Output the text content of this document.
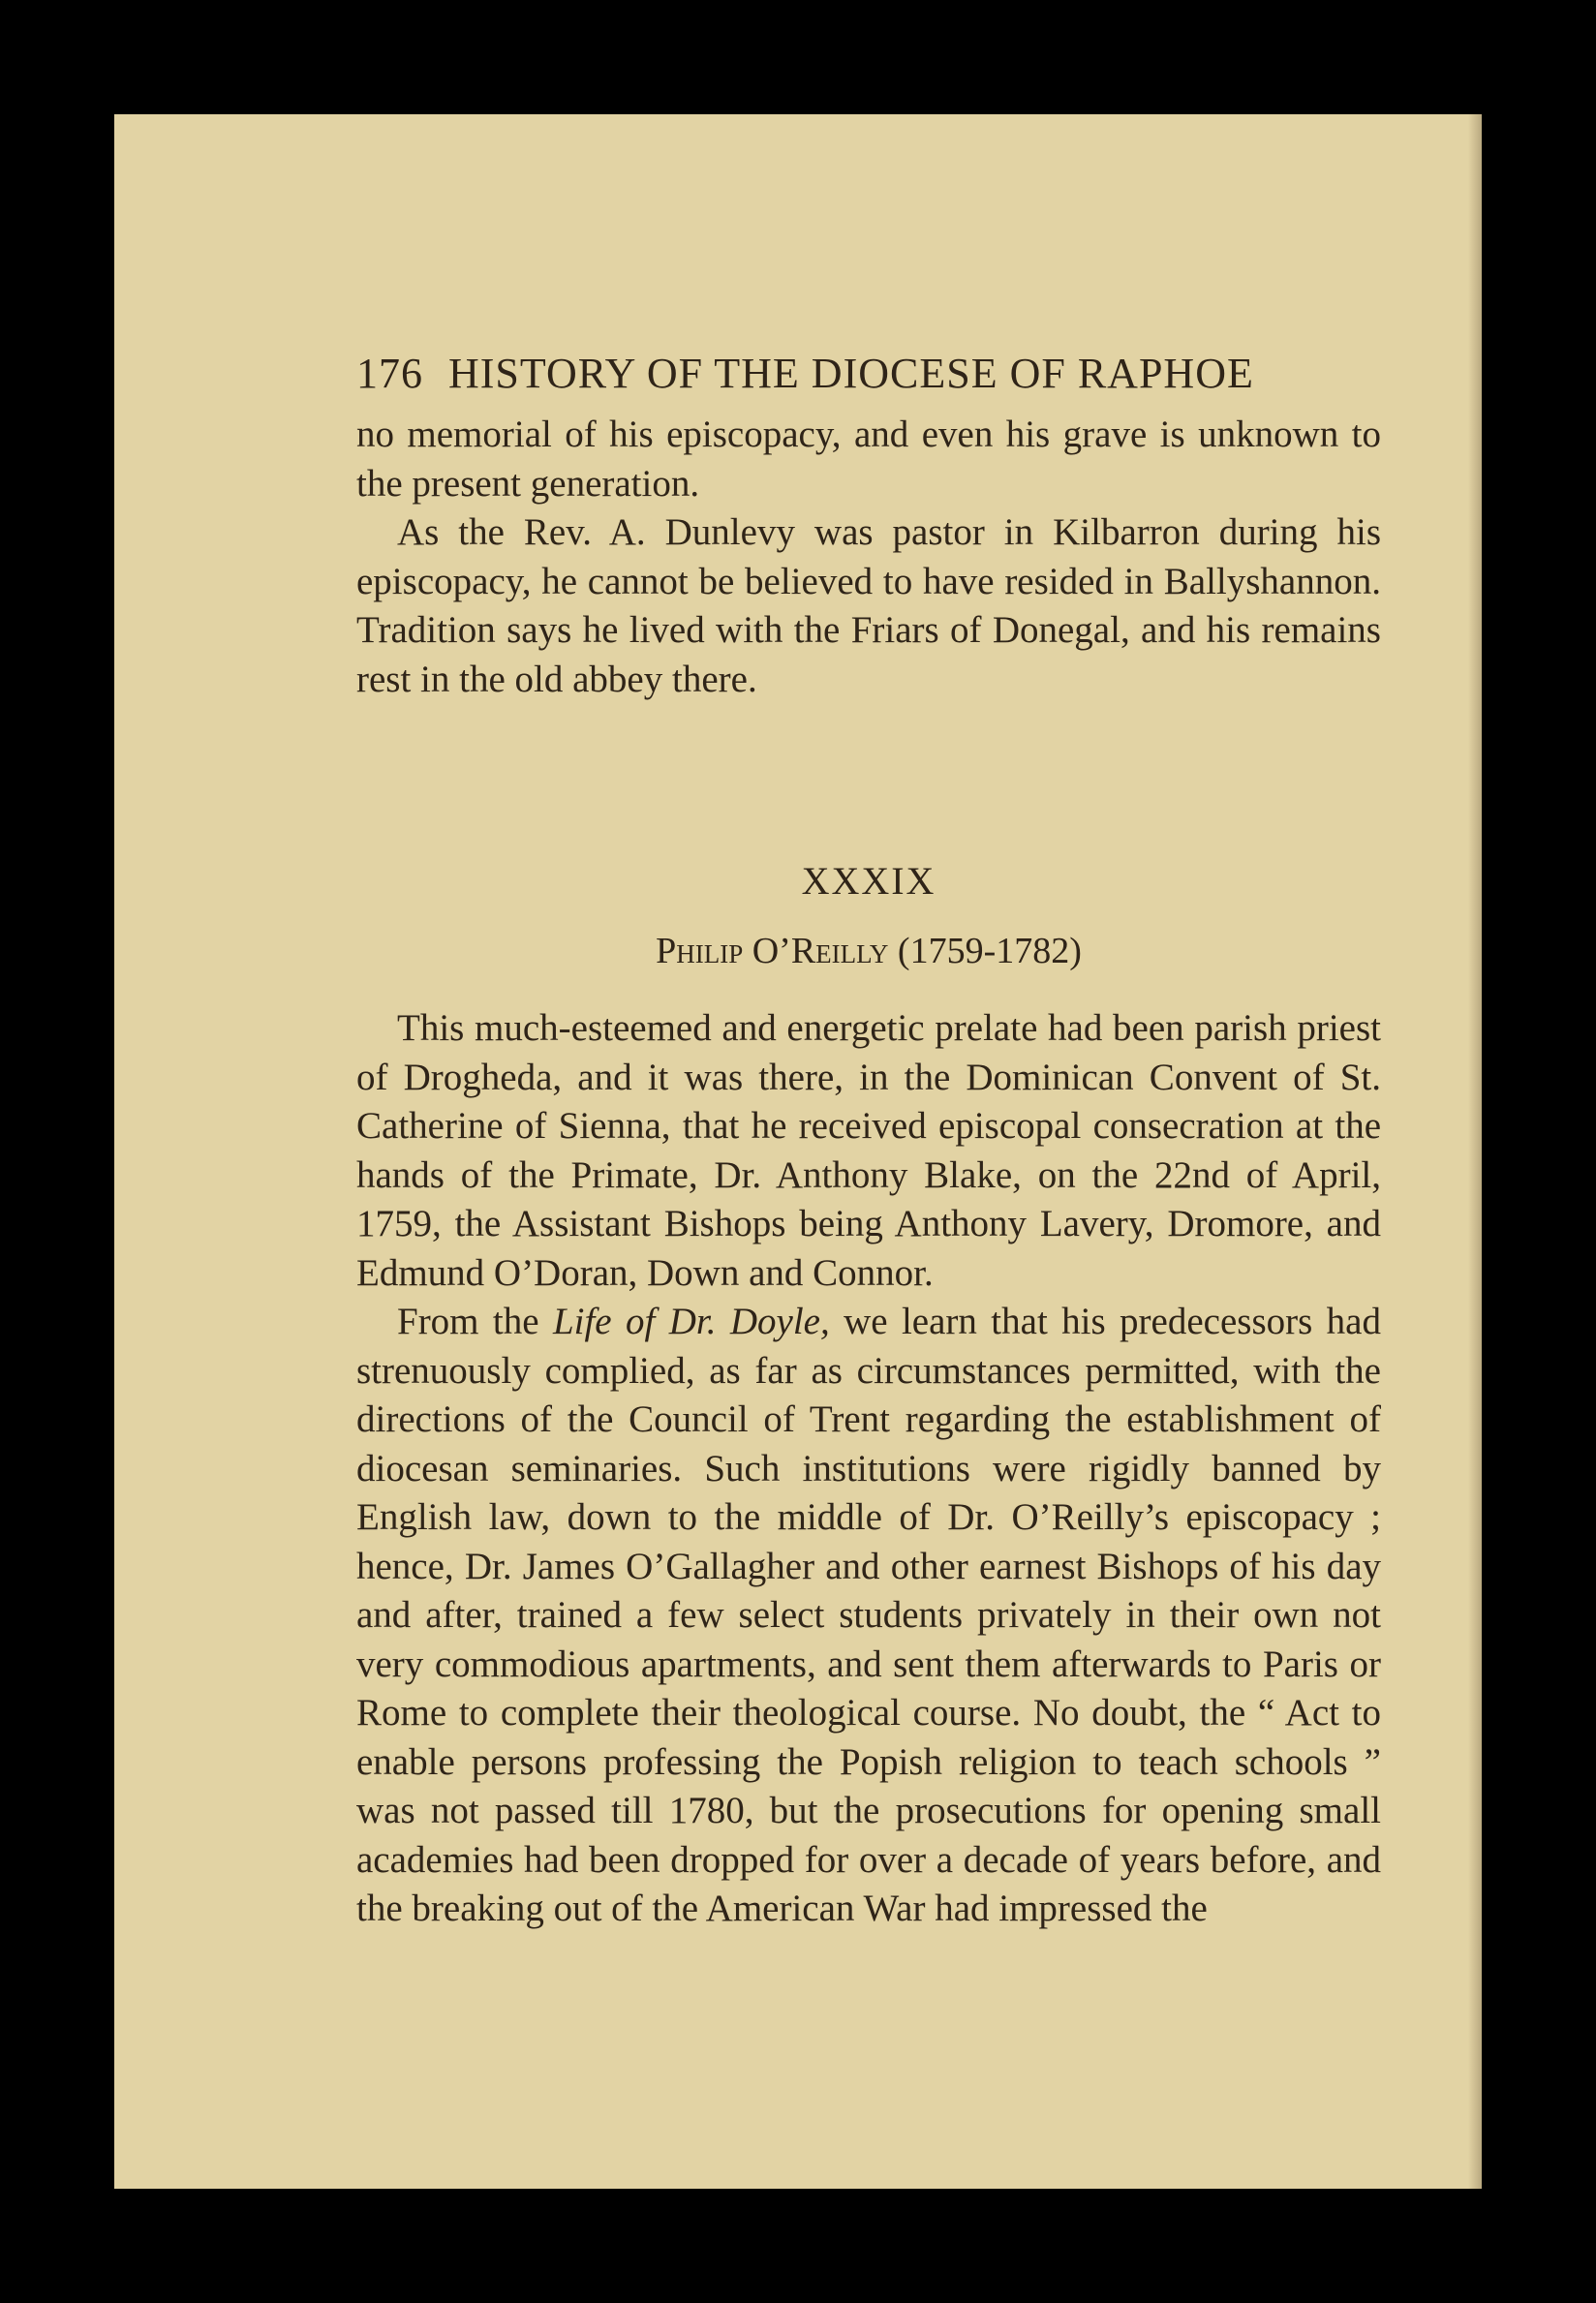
176 HISTORY OF THE DIOCESE OF RAPHOE

no memorial of his episcopacy, and even his grave is unknown to the present generation.

As the Rev. A. Dunlevy was pastor in Kilbarron during his episcopacy, he cannot be believed to have resided in Ballyshannon. Tradition says he lived with the Friars of Donegal, and his remains rest in the old abbey there.

XXXIX
Philip O’Reilly (1759-1782)

This much-esteemed and energetic prelate had been parish priest of Drogheda, and it was there, in the Dominican Convent of St. Catherine of Sienna, that he received episcopal consecration at the hands of the Primate, Dr. Anthony Blake, on the 22nd of April, 1759, the Assistant Bishops being Anthony Lavery, Dromore, and Edmund O’Doran, Down and Connor.

From the Life of Dr. Doyle, we learn that his predecessors had strenuously complied, as far as circumstances permitted, with the directions of the Council of Trent regarding the establishment of diocesan seminaries. Such institutions were rigidly banned by English law, down to the middle of Dr. O’Reilly’s episcopacy ; hence, Dr. James O’Gallagher and other earnest Bishops of his day and after, trained a few select students privately in their own not very commodious apartments, and sent them afterwards to Paris or Rome to complete their theological course. No doubt, the “ Act to enable persons professing the Popish religion to teach schools ” was not passed till 1780, but the prosecutions for opening small academies had been dropped for over a decade of years before, and the breaking out of the American War had impressed the
